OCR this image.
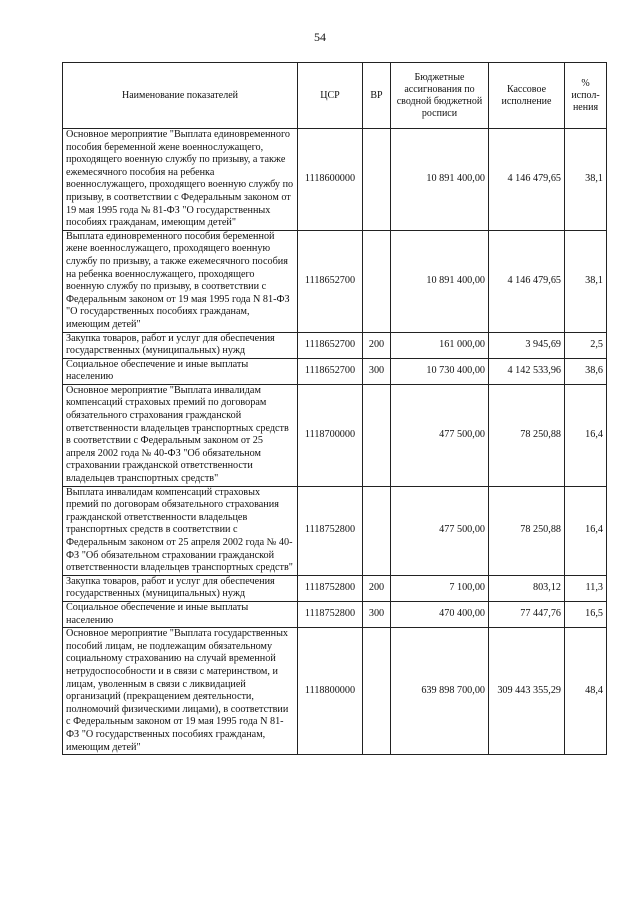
54
Наименование показателей	ЦСР	ВР	Бюджетные ассигнования по сводной бюджетной росписи	Кассовое исполнение	% испол-нения
Основное мероприятие "Выплата единовременного пособия беременной жене военнослужащего, проходящего военную службу по призыву, а также ежемесячного пособия на ребенка военнослужащего, проходящего военную службу по призыву, в соответствии с Федеральным законом от 19 мая 1995 года № 81-ФЗ "О государственных пособиях гражданам, имеющим детей"	1118600000		10 891 400,00	4 146 479,65	38,1
Выплата единовременного пособия беременной жене военнослужащего, проходящего военную службу по призыву, а также ежемесячного пособия на ребенка военнослужащего, проходящего военную службу по призыву, в соответствии с Федеральным законом от 19 мая 1995 года N 81-ФЗ "О государственных пособиях гражданам, имеющим детей"	1118652700		10 891 400,00	4 146 479,65	38,1
Закупка товаров, работ и услуг для обеспечения государственных (муниципальных) нужд	1118652700	200	161 000,00	3 945,69	2,5
Социальное обеспечение и иные выплаты населению	1118652700	300	10 730 400,00	4 142 533,96	38,6
Основное мероприятие "Выплата инвалидам компенсаций страховых премий по договорам обязательного страхования гражданской ответственности владельцев транспортных средств в соответствии с Федеральным законом от 25 апреля 2002 года № 40-ФЗ "Об обязательном страховании гражданской ответственности владельцев транспортных средств"	1118700000		477 500,00	78 250,88	16,4
Выплата инвалидам компенсаций страховых премий по договорам обязательного страхования гражданской ответственности владельцев транспортных средств в соответствии с Федеральным законом от 25 апреля 2002 года № 40-ФЗ "Об обязательном страховании гражданской ответственности владельцев транспортных средств"	1118752800		477 500,00	78 250,88	16,4
Закупка товаров, работ и услуг для обеспечения государственных (муниципальных) нужд	1118752800	200	7 100,00	803,12	11,3
Социальное обеспечение и иные выплаты населению	1118752800	300	470 400,00	77 447,76	16,5
Основное мероприятие "Выплата государственных пособий лицам, не подлежащим обязательному социальному страхованию на случай временной нетрудоспособности и в связи с материнством, и лицам, уволенным в связи с ликвидацией организаций (прекращением деятельности, полномочий физическими лицами), в соответствии с Федеральным законом от 19 мая 1995 года N 81-ФЗ "О государственных пособиях гражданам, имеющим детей"	1118800000		639 898 700,00	309 443 355,29	48,4
